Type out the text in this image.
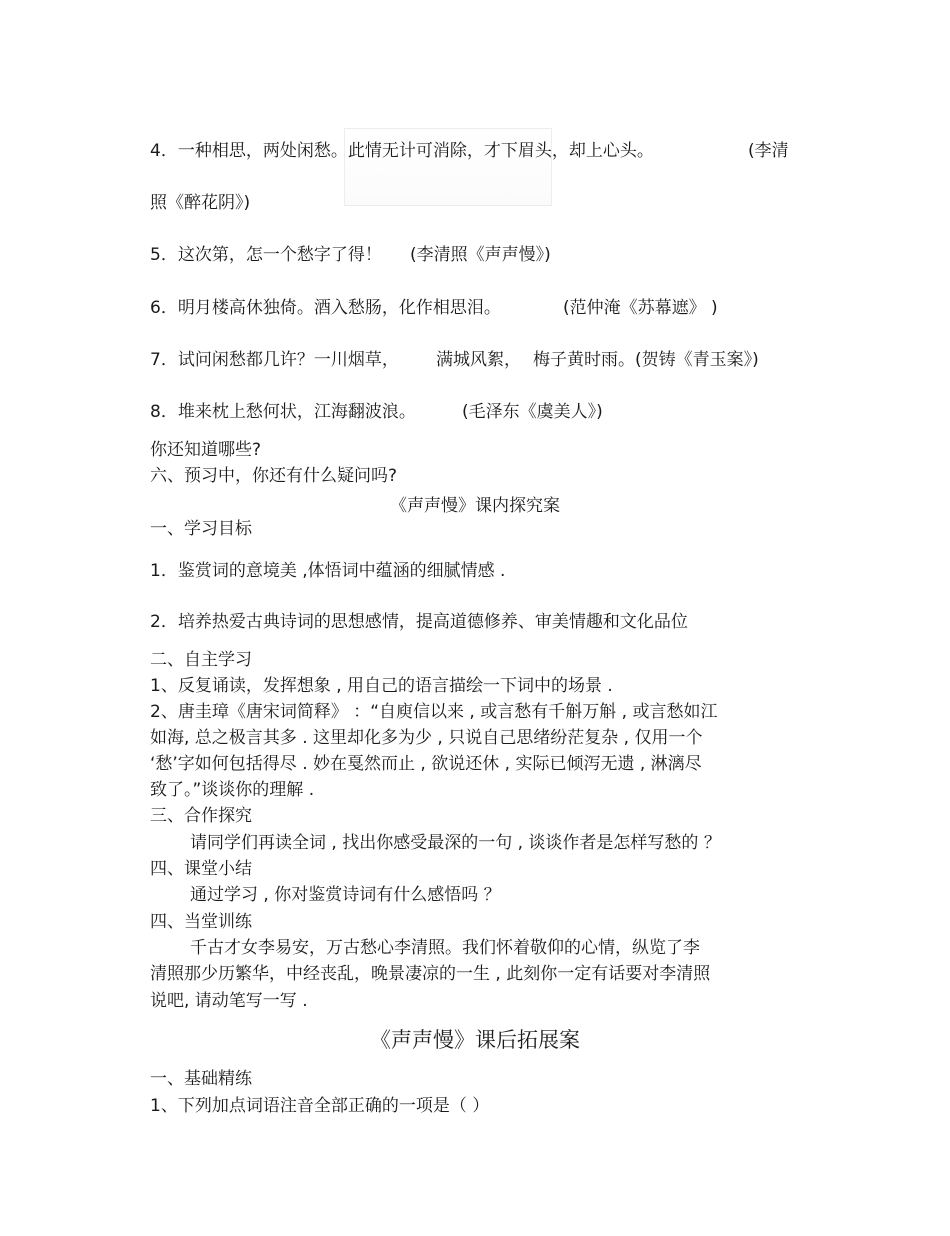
4．一种相思，两处闲愁。此情无计可消除，才下眉头，却上心头。	(李清
照《醉花阴》)
5．这次第，怎一个愁字了得！ (李清照《声声慢》)
6．明月楼高休独倚。酒入愁肠，化作相思泪。	(范仲淹《苏幕遮》 )
7．试问闲愁都几许？一川烟草， 满城风絮， 梅子黄时雨。(贺铸《青玉案》)
8．堆来枕上愁何状，江海翻波浪。	(毛泽东《虞美人》)
你还知道哪些?
六、预习中，你还有什么疑问吗?
《声声慢》课内探究案
一、学习目标
1．鉴赏词的意境美 ,体悟词中蕴涵的细腻情感 .
2．培养热爱古典诗词的思想感情，提高道德修养、审美情趣和文化品位
二、自主学习
1、反复诵读，发挥想象 , 用自己的语言描绘一下词中的场景 .
2、唐圭璋《唐宋词简释》 ：“自庾信以来 , 或言愁有千斛万斛 , 或言愁如江
如海, 总之极言其多 . 这里却化多为少 , 只说自己思绪纷茫复杂 , 仅用一个
‘愁’字如何包括得尽 . 妙在戛然而止 , 欲说还休 , 实际已倾泻无遗 , 淋漓尽
致了。”谈谈你的理解 .
三、合作探究
请同学们再读全词 , 找出你感受最深的一句 , 谈谈作者是怎样写愁的 ？
四、课堂小结
通过学习 , 你对鉴赏诗词有什么感悟吗 ？
四、当堂训练
千古才女李易安，万古愁心李清照。我们怀着敬仰的心情，纵览了李
清照那少历繁华，中经丧乱，晚景凄凉的一生 , 此刻你一定有话要对李清照
说吧, 请动笔写一写 .
《声声慢》课后拓展案
一、基础精练
1、下列加点词语注音全部正确的一项是（ ）
